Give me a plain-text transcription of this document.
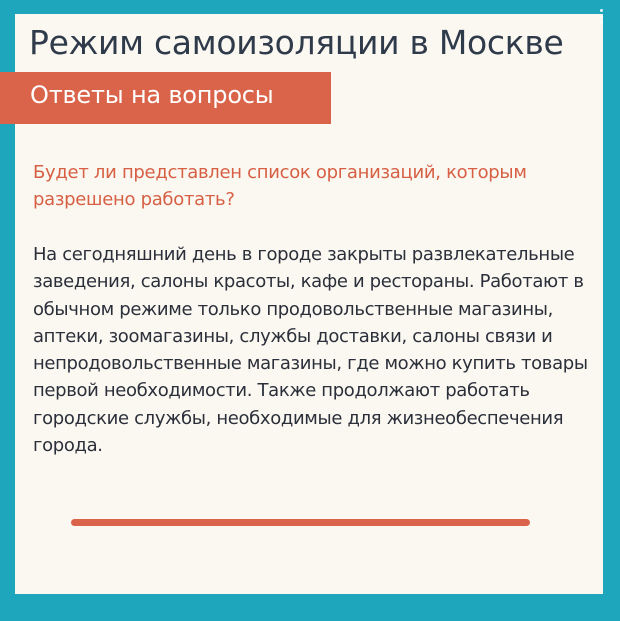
Режим самоизоляции в Москве
Ответы на вопросы

Будет ли представлен список организаций, которым разрешено работать?

На сегодняшний день в городе закрыты развлекательные заведения, салоны красоты, кафе и рестораны. Работают в обычном режиме только продовольственные магазины, аптеки, зоомагазины, службы доставки, салоны связи и непродовольственные магазины, где можно купить товары первой необходимости. Также продолжают работать городские службы, необходимые для жизнеобеспечения города.
